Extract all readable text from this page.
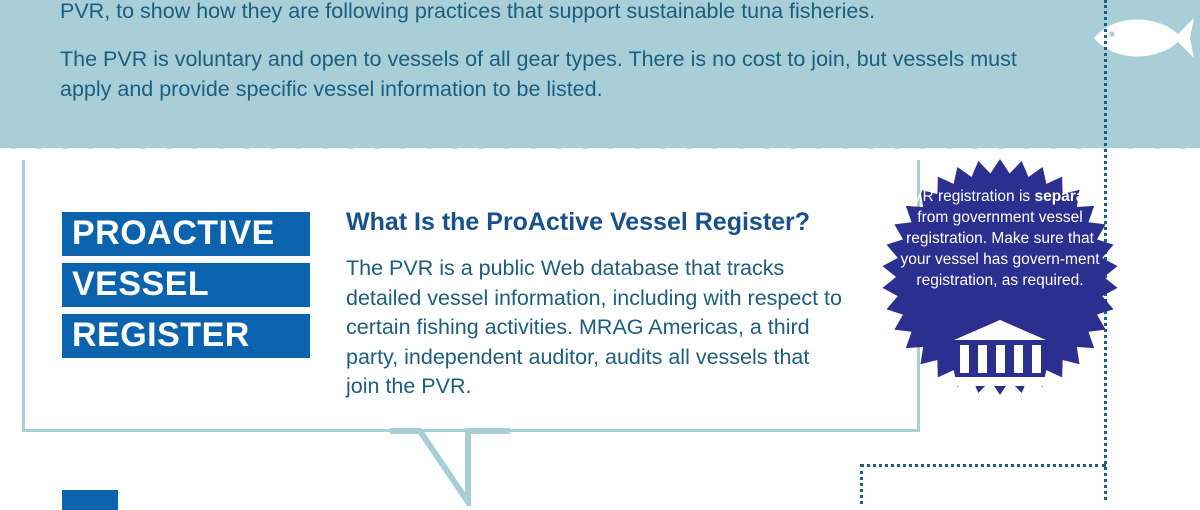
PVR, to show how they are following practices that support sustainable tuna fisheries.

The PVR is voluntary and open to vessels of all gear types. There is no cost to join, but vessels must apply and provide specific vessel information to be listed.

PROACTIVE
VESSEL
REGISTER
What Is the ProActive Vessel Register?
The PVR is a public Web database that tracks detailed vessel information, including with respect to certain fishing activities. MRAG Americas, a third party, independent auditor, audits all vessels that join the PVR.
PVR registration is separate from government vessel registration. Make sure that your vessel has govern-ment registration, as required.
